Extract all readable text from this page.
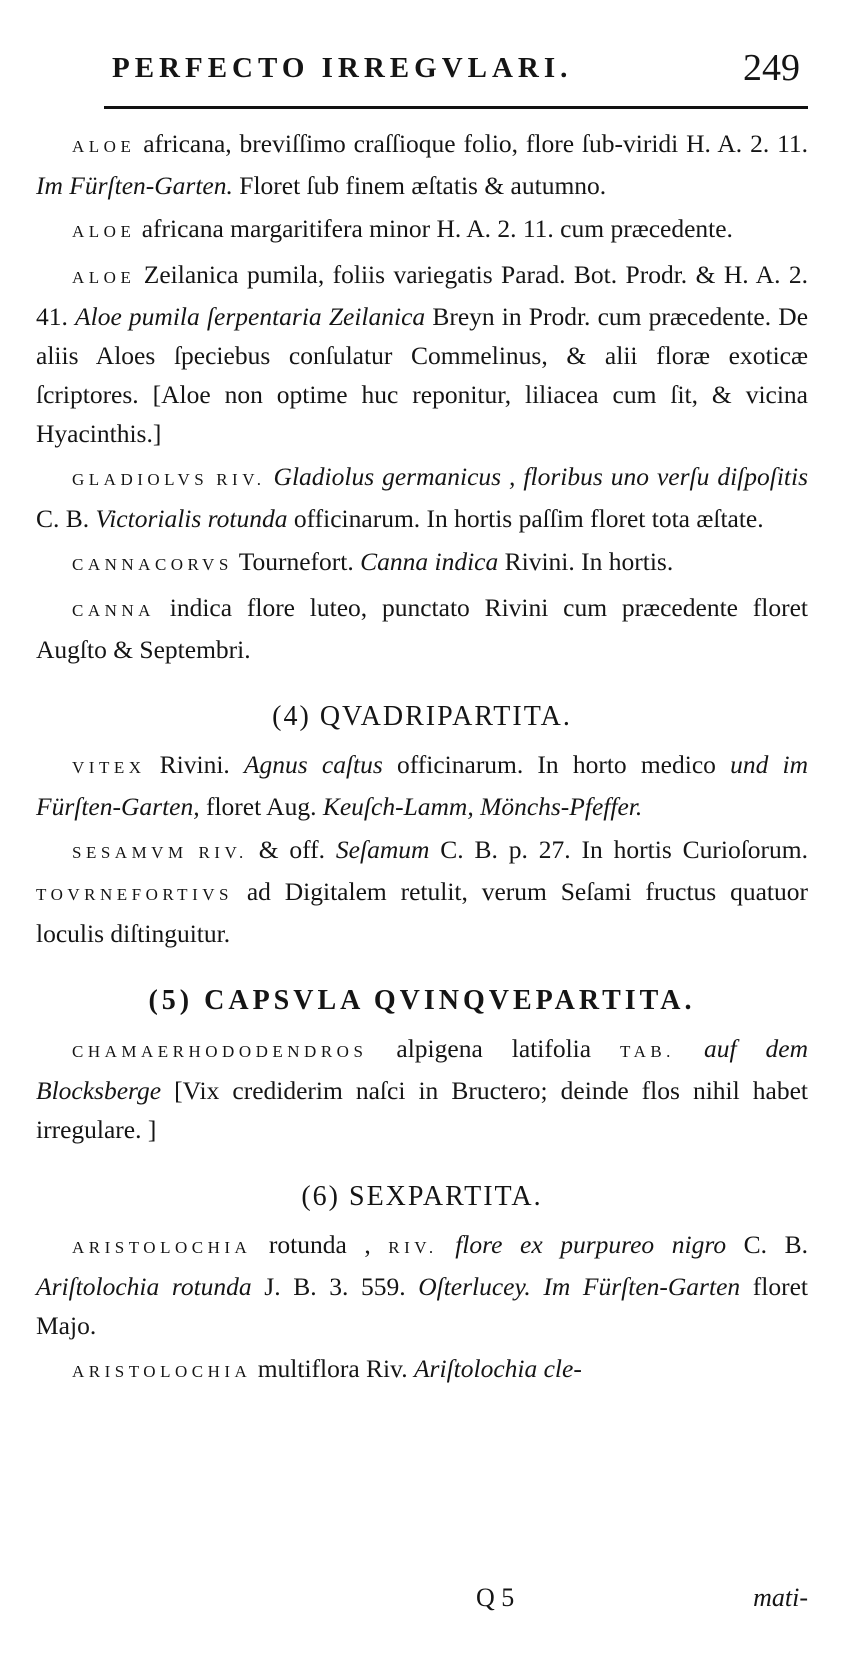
PERFECTO IRREGVLARI.	249

ALOE africana, breviſſimo craſſioque folio, flore ſub-viridi H. A. 2. 11. Im Fürſten-Garten. Floret ſub finem æſtatis & autumno.

ALOE africana margaritifera minor H. A. 2. 11. cum præcedente.

ALOE Zeilanica pumila, foliis variegatis Parad. Bot. Prodr. & H. A. 2. 41. Aloe pumila ſerpentaria Zeilanica Breyn in Prodr. cum præcedente. De aliis Aloes ſpeciebus conſulatur Commelinus, & alii floræ exoticæ ſcriptores. [Aloe non optime huc reponitur, liliacea cum ſit, & vicina Hyacinthis.]

GLADIOLVS RIV. Gladiolus germanicus , floribus uno verſu diſpoſitis C. B. Victorialis rotunda officinarum. In hortis paſſim floret tota æſtate.

CANNACORVS Tournefort. Canna indica Rivini. In hortis.

CANNA indica flore luteo, punctato Rivini cum præcedente floret Augſto & Septembri.

(4) QVADRIPARTITA.

VITEX Rivini. Agnus caſtus officinarum. In horto medico und im Fürſten-Garten, floret Aug. Keuſch-Lamm, Mönchs-Pfeffer.

SESAMVM RIV. & off. Seſamum C. B. p. 27. In hortis Curioſorum. TOVRNEFORTIVS ad Digitalem retulit, verum Seſami fructus quatuor loculis diſtinguitur.

(5) CAPSVLA QVINQVEPARTITA.

CHAMAERHODODENDROS alpigena latifolia TAB. auf dem Blocksberge [Vix crediderim naſci in Bructero; deinde flos nihil habet irregulare. ]

(6) SEXPARTITA.

ARISTOLOCHIA rotunda , RIV. flore ex purpureo nigro C. B. Ariſtolochia rotunda J. B. 3. 559. Oſterlucey. Im Fürſten-Garten floret Majo.

ARISTOLOCHIA multiflora Riv. Ariſtolochia cle-

Q 5	mati-
